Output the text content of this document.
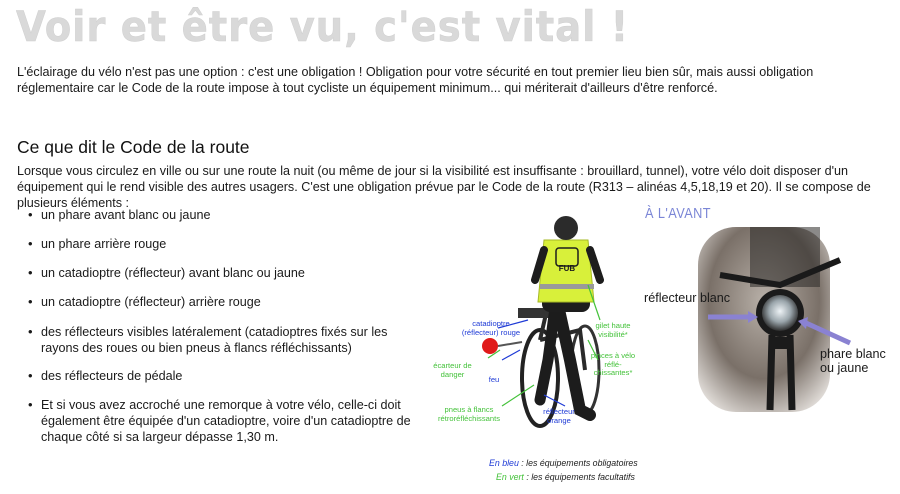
Voir et être vu, c'est vital !
L'éclairage du vélo n'est pas une option : c'est une obligation ! Obligation pour votre sécurité en tout premier lieu bien sûr, mais aussi obligation réglementaire car le Code de la route impose à tout cycliste un équipement minimum... qui mériterait d'ailleurs d'être renforcé.
Ce que dit le Code de la route
Lorsque vous circulez en ville ou sur une route la nuit (ou même de jour si la visibilité est insuffisante : brouillard, tunnel), votre vélo doit disposer d'un équipement qui le rend visible des autres usagers. C'est une obligation prévue par le Code de la route (R313 – alinéas 4,5,18,19 et 20). Il se compose de plusieurs éléments :
• un phare avant blanc ou jaune
• un phare arrière rouge
• un catadioptre (réflecteur) avant blanc ou jaune
• un catadioptre (réflecteur) arrière rouge
• des réflecteurs visibles latéralement (catadioptres fixés sur les rayons des roues ou bien pneus à flancs réfléchissants)
• des réflecteurs de pédale
• Et si vous avez accroché une remorque à votre vélo, celle-ci doit également être équipée d'un catadioptre, voire d'un catadioptre de chaque côté si sa largeur dépasse 1,30 m.
FUB
catadioptre (réflecteur) rouge
gilet haute visibilité*
écarteur de danger
feu
pinces à vélo réflé-chissantes*
pneus à flancs rétroréfléchissants
réflecteur orange
À L'AVANT
réflecteur blanc
phare blanc ou jaune
En bleu : les équipements obligatoires
En vert : les équipements facultatifs
